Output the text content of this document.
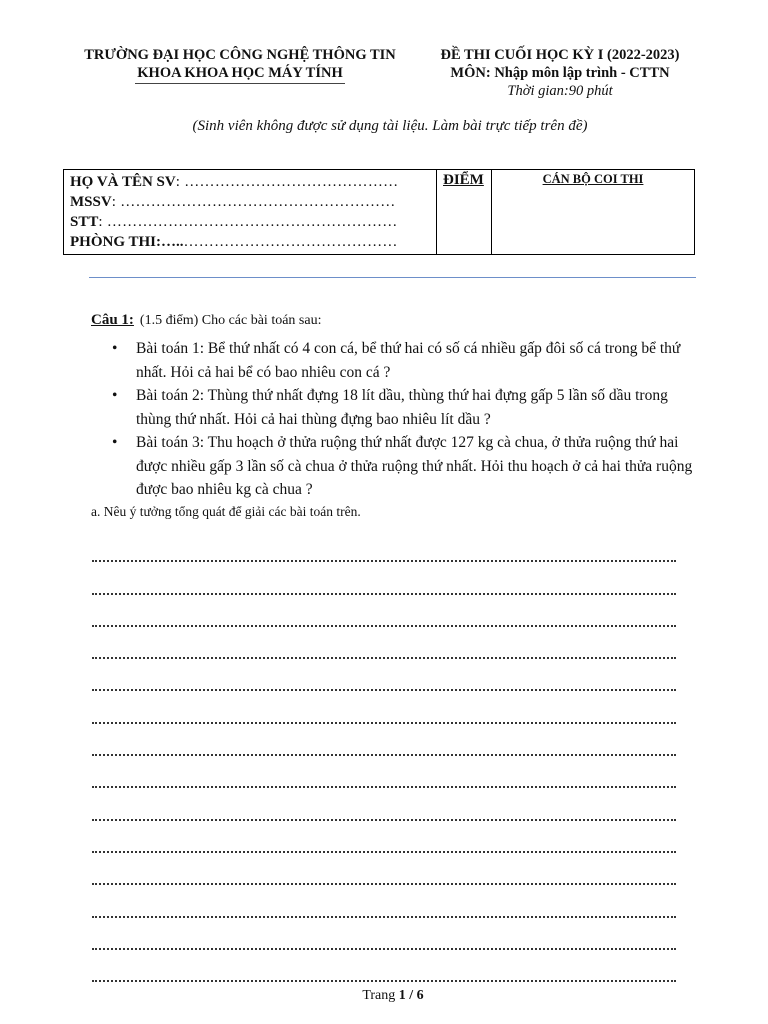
TRƯỜNG ĐẠI HỌC CÔNG NGHỆ THÔNG TIN
KHOA KHOA HỌC MÁY TÍNH
ĐỀ THI CUỐI HỌC KỲ I (2022-2023)
MÔN: Nhập môn lập trình - CTTN
Thời gian:90 phút
(Sinh viên không được sử dụng tài liệu. Làm bài trực tiếp trên đề)
HỌ VÀ TÊN SV: ……………………………………
MSSV: ………………………………………………
STT: …………………………………………………
PHÒNG THI:…..……………………………………
	ĐIỂM	CÁN BỘ COI THI
Câu 1: (1.5 điểm) Cho các bài toán sau:
• Bài toán 1: Bể thứ nhất có 4 con cá, bể thứ hai có số cá nhiều gấp đôi số cá trong bể thứ nhất. Hỏi cả hai bể có bao nhiêu con cá ?
• Bài toán 2: Thùng thứ nhất đựng 18 lít dầu, thùng thứ hai đựng gấp 5 lần số dầu trong thùng thứ nhất. Hỏi cả hai thùng đựng bao nhiêu lít dầu ?
• Bài toán 3: Thu hoạch ở thửa ruộng thứ nhất được 127 kg cà chua, ở thửa ruộng thứ hai được nhiều gấp 3 lần số cà chua ở thửa ruộng thứ nhất. Hỏi thu hoạch ở cả hai thửa ruộng được bao nhiêu kg cà chua ?
a. Nêu ý tưởng tổng quát để giải các bài toán trên.
Trang 1 / 6
